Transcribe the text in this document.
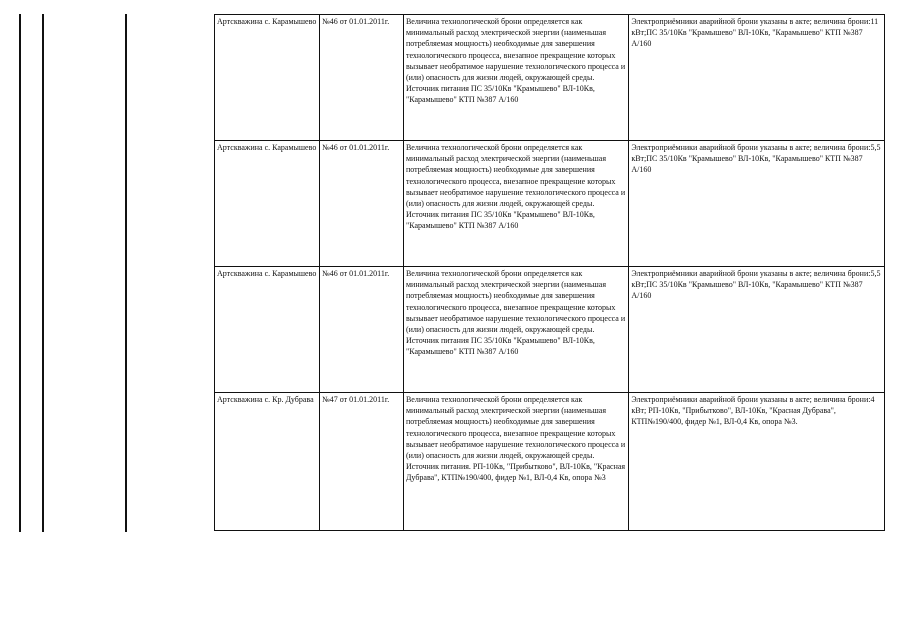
Артскважина с. Карамышево	№46 от 01.01.2011г.	Величина технологической брони определяется как минимальный расход электрической энергии (наименьшая потребляемая мощность) необходимые для завершения технологического процесса, внезапное прекращение которых вызывает необратимое нарушение технологического процесса и (или) опасность для жизни людей, окружающей среды. Источник питания ПС 35/10Кв "Крамышево" ВЛ-10Кв, "Карамышево" КТП №387 А/160	Электроприёмники аварийной брони указаны в акте; величина брони:11 кВт;ПС 35/10Кв "Крамышево" ВЛ-10Кв, "Карамышево" КТП №387 А/160
Артскважина с. Карамышево	№46 от 01.01.2011г.	Величина технологической брони определяется как минимальный расход электрической энергии (наименьшая потребляемая мощность) необходимые для завершения технологического процесса, внезапное прекращение которых вызывает необратимое нарушение технологического процесса и (или) опасность для жизни людей, окружающей среды. Источник питания ПС 35/10Кв "Крамышево" ВЛ-10Кв, "Карамышево" КТП №387 А/160	Электроприёмники аварийной брони указаны в акте; величина брони:5,5 кВт;ПС 35/10Кв "Крамышево" ВЛ-10Кв, "Карамышево" КТП №387 А/160
Артскважина с. Карамышево	№46 от 01.01.2011г.	Величина технологической брони определяется как минимальный расход электрической энергии (наименьшая потребляемая мощность) необходимые для завершения технологического процесса, внезапное прекращение которых вызывает необратимое нарушение технологического процесса и (или) опасность для жизни людей, окружающей среды. Источник питания ПС 35/10Кв "Крамышево" ВЛ-10Кв, "Карамышево" КТП №387 А/160	Электроприёмники аварийной брони указаны в акте; величина брони:5,5 кВт;ПС 35/10Кв "Крамышево" ВЛ-10Кв, "Карамышево" КТП №387 А/160
Артскважина с. Кр. Дубрава	№47 от 01.01.2011г.	Величина технологической брони определяется как минимальный расход электрической энергии (наименьшая потребляемая мощность) необходимые для завершения технологического процесса, внезапное прекращение которых вызывает необратимое нарушение технологического процесса и (или) опасность для жизни людей, окружающей среды. Источник питания. РП-10Кв, "Прибытково", ВЛ-10Кв, "Красная Дубрава", КТП№190/400, фидер №1, ВЛ-0,4 Кв, опора №3	Электроприёмники аварийной брони указаны в акте; величина брони:4 кВт; РП-10Кв, "Прибытково", ВЛ-10Кв, "Красная Дубрава", КТП№190/400, фидер №1, ВЛ-0,4 Кв, опора №3.
